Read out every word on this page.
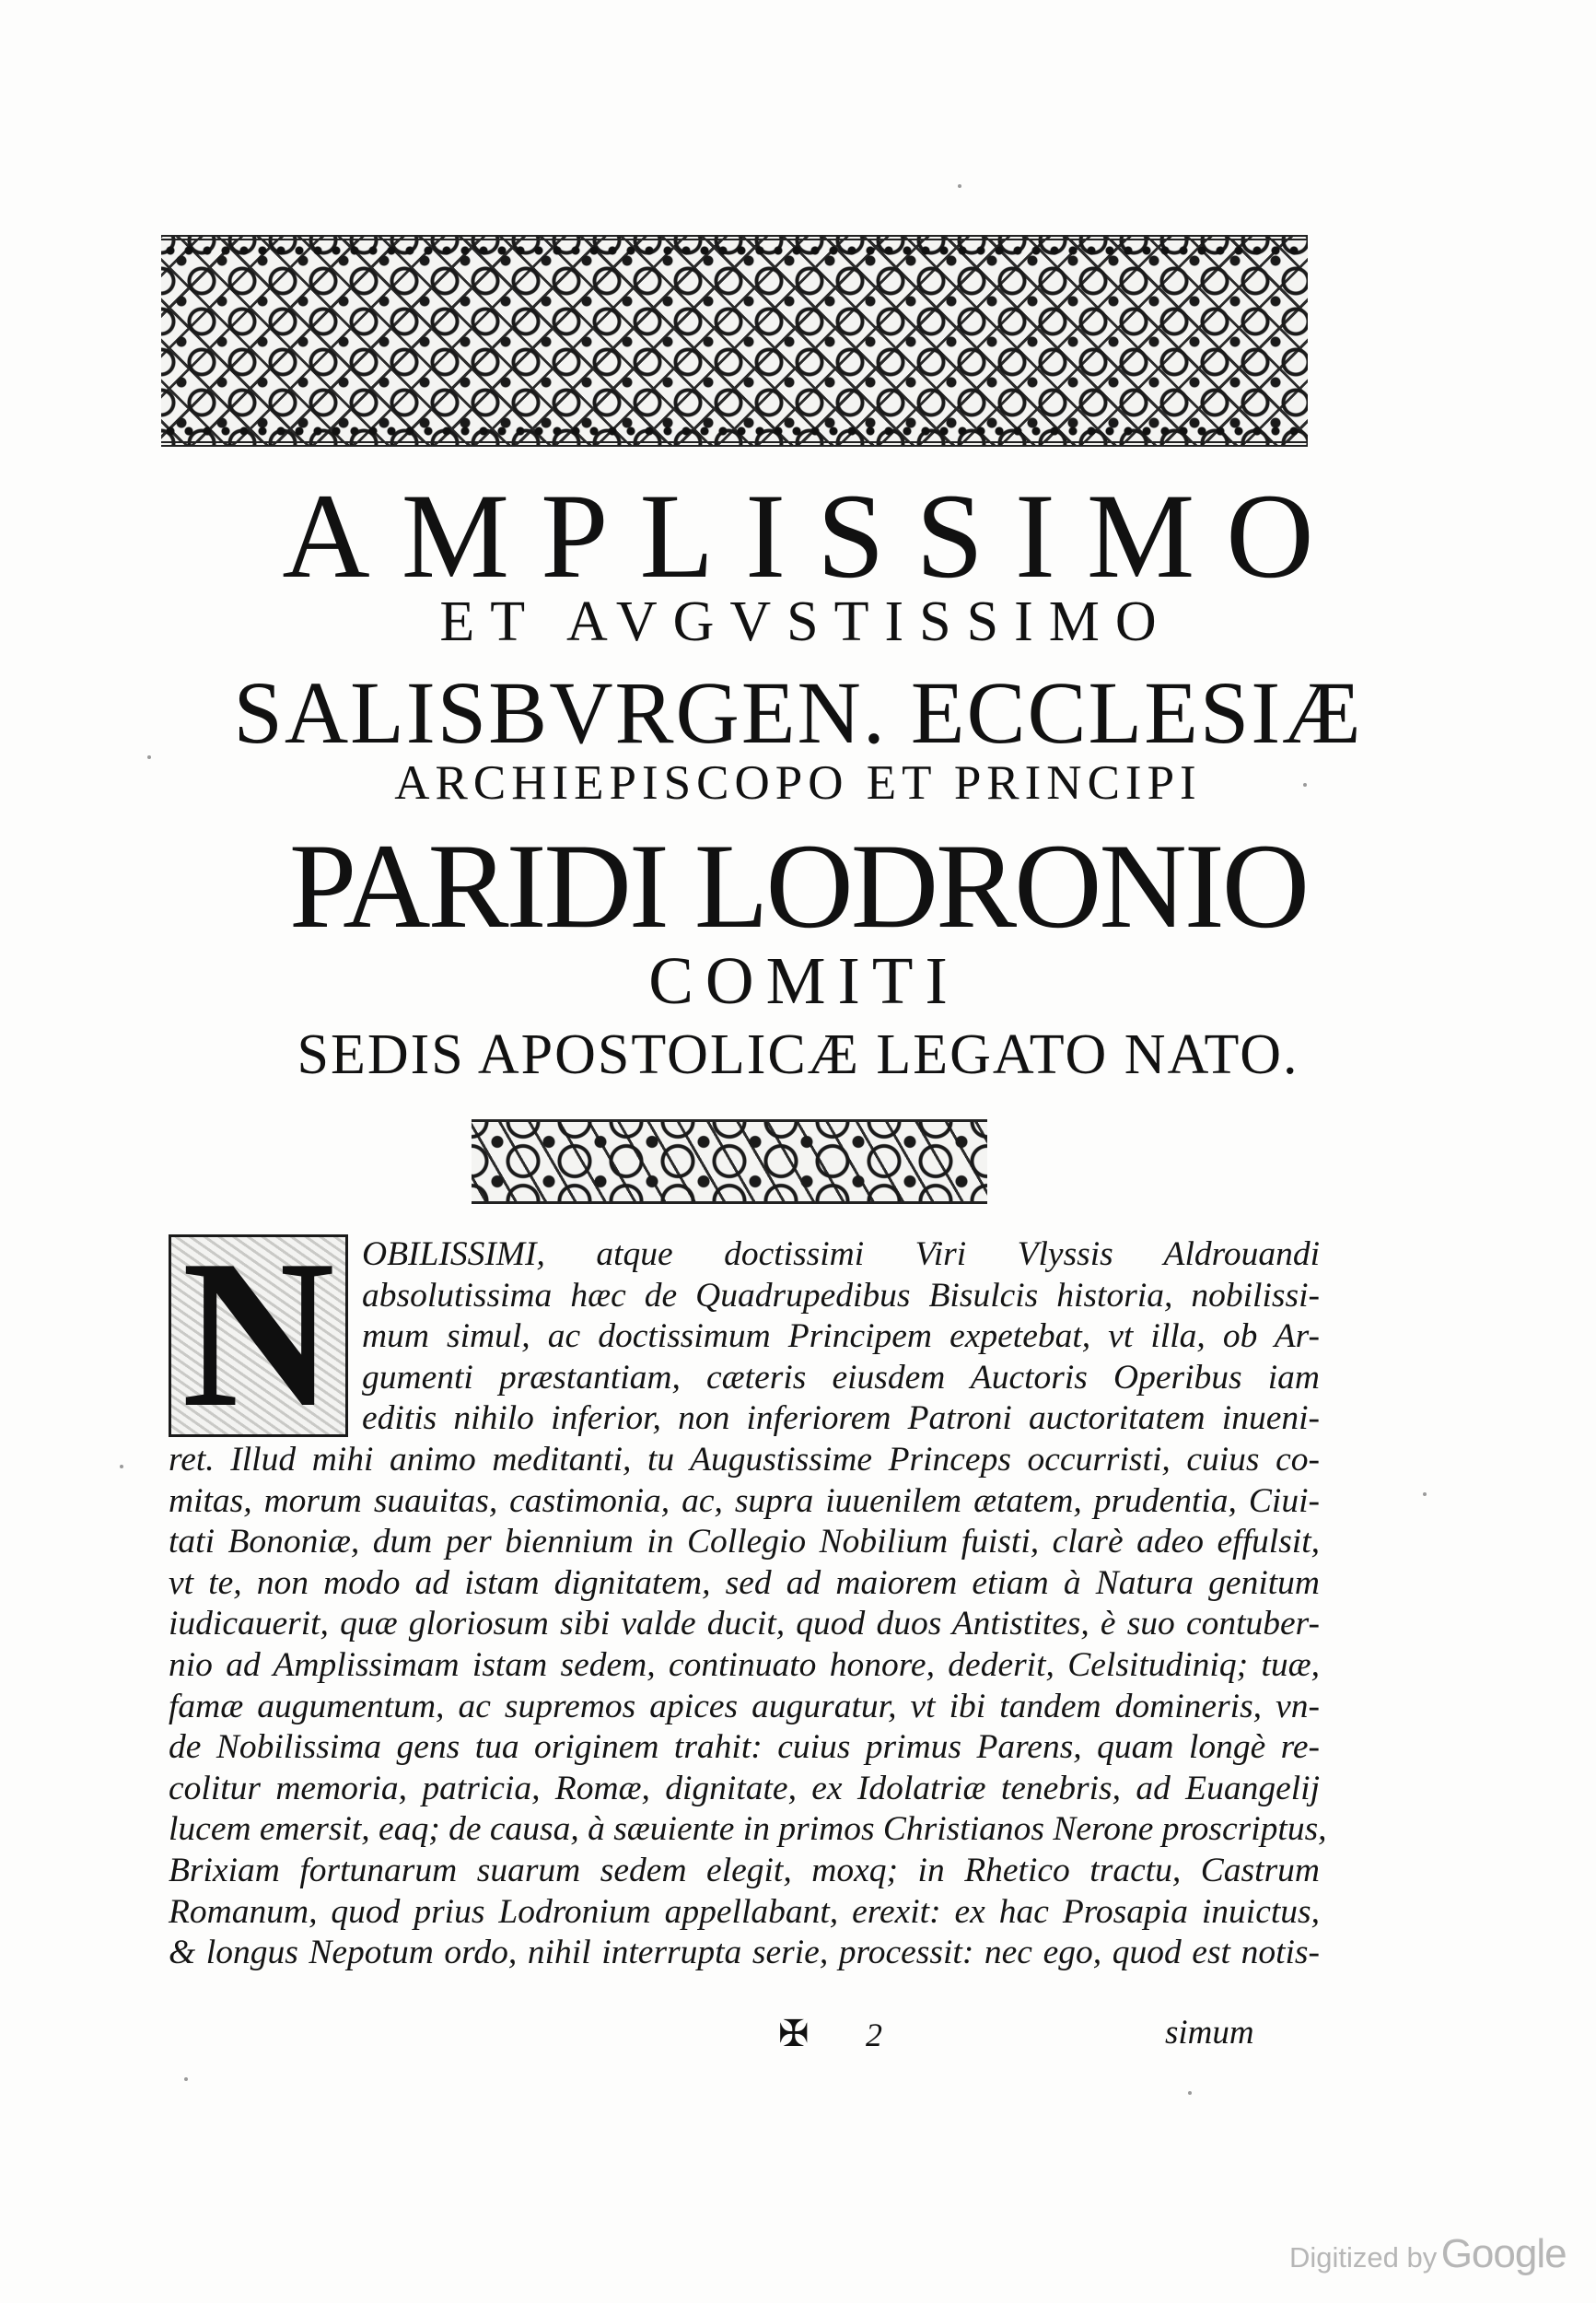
AMPLISSIMO
ET AVGVSTISSIMO
SALISBVRGEN. ECCLESIÆ
ARCHIEPISCOPO ET PRINCIPI
PARIDI LODRONIO
COMITI
SEDIS APOSTOLICÆ LEGATO NATO.
N OBILISSIMI, atque doctissimi Viri Vlyssis Aldrouandi
absolutissima hæc de Quadrupedibus Bisulcis historia, nobilissi-
mum simul, ac doctissimum Principem expetebat, vt illa, ob Ar-
gumenti præstantiam, cæteris eiusdem Auctoris Operibus iam
editis nihilo inferior, non inferiorem Patroni auctoritatem inueni-
ret. Illud mihi animo meditanti, tu Augustissime Princeps occurristi, cuius co-
mitas, morum suauitas, castimonia, ac, supra iuuenilem ætatem, prudentia, Ciui-
tati Bononiæ, dum per biennium in Collegio Nobilium fuisti, clarè adeo effulsit,
vt te, non modo ad istam dignitatem, sed ad maiorem etiam à Natura genitum
iudicauerit, quæ gloriosum sibi valde ducit, quod duos Antistites, è suo contuber-
nio ad Amplissimam istam sedem, continuato honore, dederit, Celsitudiniq; tuæ,
famæ augumentum, ac supremos apices auguratur, vt ibi tandem domineris, vn-
de Nobilissima gens tua originem trahit: cuius primus Parens, quam longè re-
colitur memoria, patricia, Romæ, dignitate, ex Idolatriæ tenebris, ad Euangelij
lucem emersit, eaq; de causa, à sæuiente in primos Christianos Nerone proscriptus,
Brixiam fortunarum suarum sedem elegit, moxq; in Rhetico tractu, Castrum
Romanum, quod prius Lodronium appellabant, erexit: ex hac Prosapia inuictus,
& longus Nepotum ordo, nihil interrupta serie, processit: nec ego, quod est notis-
✠ 2	simum
Digitized by Google
